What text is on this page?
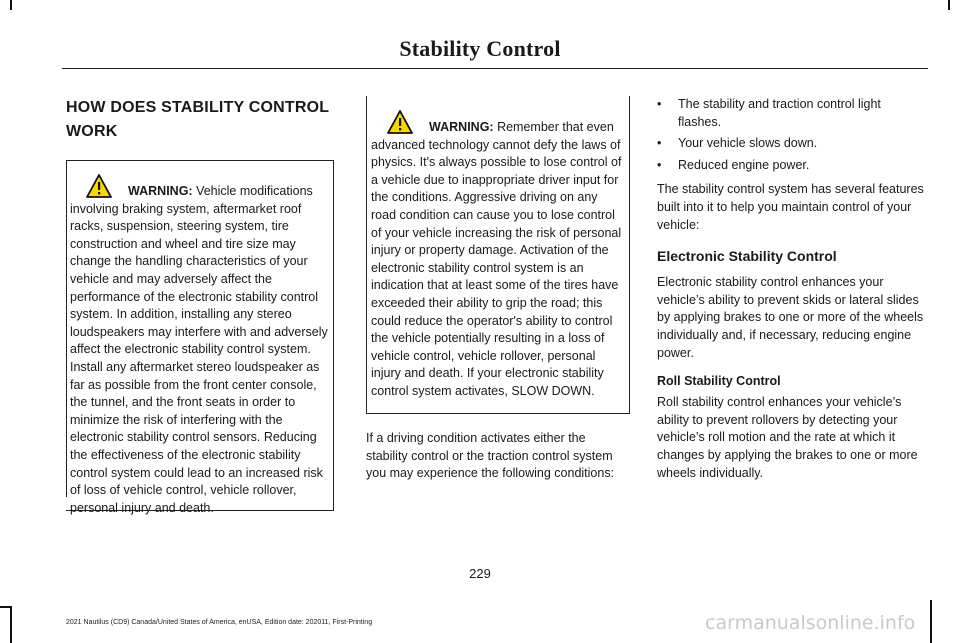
Stability Control
HOW DOES STABILITY CONTROL WORK
WARNING: Vehicle modifications involving braking system, aftermarket roof racks, suspension, steering system, tire construction and wheel and tire size may change the handling characteristics of your vehicle and may adversely affect the performance of the electronic stability control system. In addition, installing any stereo loudspeakers may interfere with and adversely affect the electronic stability control system. Install any aftermarket stereo loudspeaker as far as possible from the front center console, the tunnel, and the front seats in order to minimize the risk of interfering with the electronic stability control sensors. Reducing the effectiveness of the electronic stability control system could lead to an increased risk of loss of vehicle control, vehicle rollover, personal injury and death.
WARNING: Remember that even advanced technology cannot defy the laws of physics. It's always possible to lose control of a vehicle due to inappropriate driver input for the conditions. Aggressive driving on any road condition can cause you to lose control of your vehicle increasing the risk of personal injury or property damage. Activation of the electronic stability control system is an indication that at least some of the tires have exceeded their ability to grip the road; this could reduce the operator's ability to control the vehicle potentially resulting in a loss of vehicle control, vehicle rollover, personal injury and death. If your electronic stability control system activates, SLOW DOWN.

If a driving condition activates either the stability control or the traction control system you may experience the following conditions:

• The stability and traction control light flashes.
• Your vehicle slows down.
• Reduced engine power.

The stability control system has several features built into it to help you maintain control of your vehicle:

Electronic Stability Control

Electronic stability control enhances your vehicle’s ability to prevent skids or lateral slides by applying brakes to one or more of the wheels individually and, if necessary, reducing engine power.

Roll Stability Control

Roll stability control enhances your vehicle’s ability to prevent rollovers by detecting your vehicle’s roll motion and the rate at which it changes by applying the brakes to one or more wheels individually.

229
2021 Nautilus (CD9) Canada/United States of America, enUSA, Edition date: 202011, First-Printing	carmanualsonline.info
